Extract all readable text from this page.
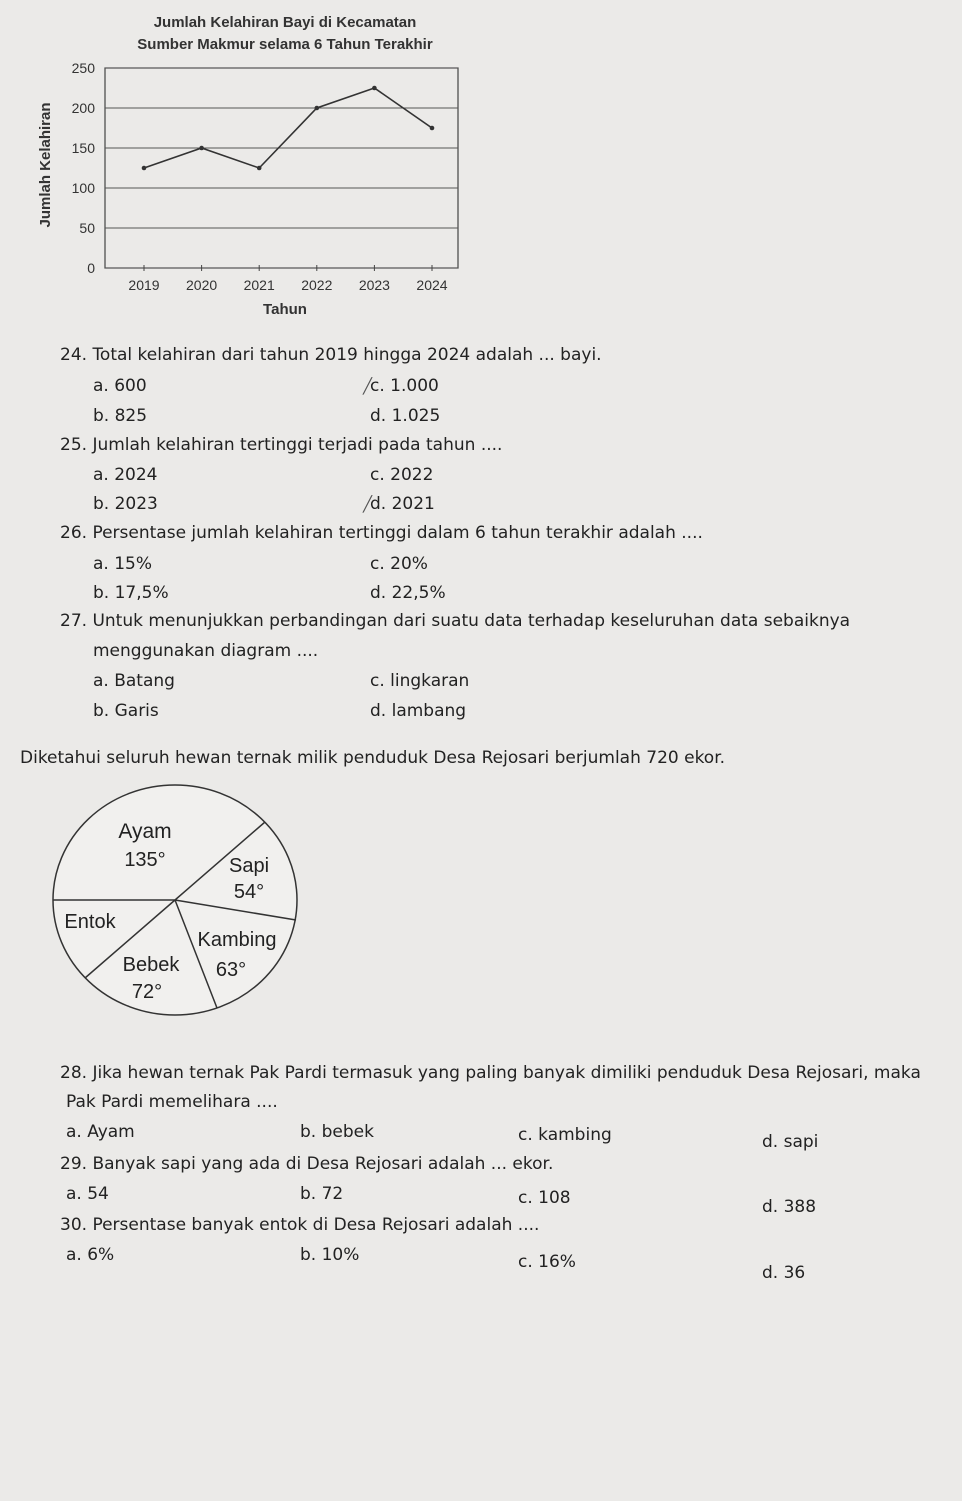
Jumlah Kelahiran Bayi di Kecamatan
Sumber Makmur selama 6 Tahun Terakhir
0
50
100
150
200
250
2019 2020 2021 2022 2023 2024
Tahun
Jumlah Kelahiran
24. Total kelahiran dari tahun 2019 hingga 2024 adalah ... bayi.
a. 600	c. 1.000
b. 825	d. 1.025
25. Jumlah kelahiran tertinggi terjadi pada tahun ....
a. 2024	c. 2022
b. 2023	d. 2021
26. Persentase jumlah kelahiran tertinggi dalam 6 tahun terakhir adalah ....
a. 15%	c. 20%
b. 17,5%	d. 22,5%
27. Untuk menunjukkan perbandingan dari suatu data terhadap keseluruhan data sebaiknya
menggunakan diagram ....
a. Batang	c. lingkaran
b. Garis	d. lambang
Diketahui seluruh hewan ternak milik penduduk Desa Rejosari berjumlah 720 ekor.
Ayam
135°	Sapi
54°
Kambing
63°
Bebek
72°
Entok
28. Jika hewan ternak Pak Pardi termasuk yang paling banyak dimiliki penduduk Desa Rejosari, maka
Pak Pardi memelihara ....
a. Ayam	b. bebek	c. kambing	d. sapi
29. Banyak sapi yang ada di Desa Rejosari adalah ... ekor.
a. 54	b. 72	c. 108	d. 388
30. Persentase banyak entok di Desa Rejosari adalah ....
a. 6%	b. 10%	c. 16%
d. 36
╱
╱
